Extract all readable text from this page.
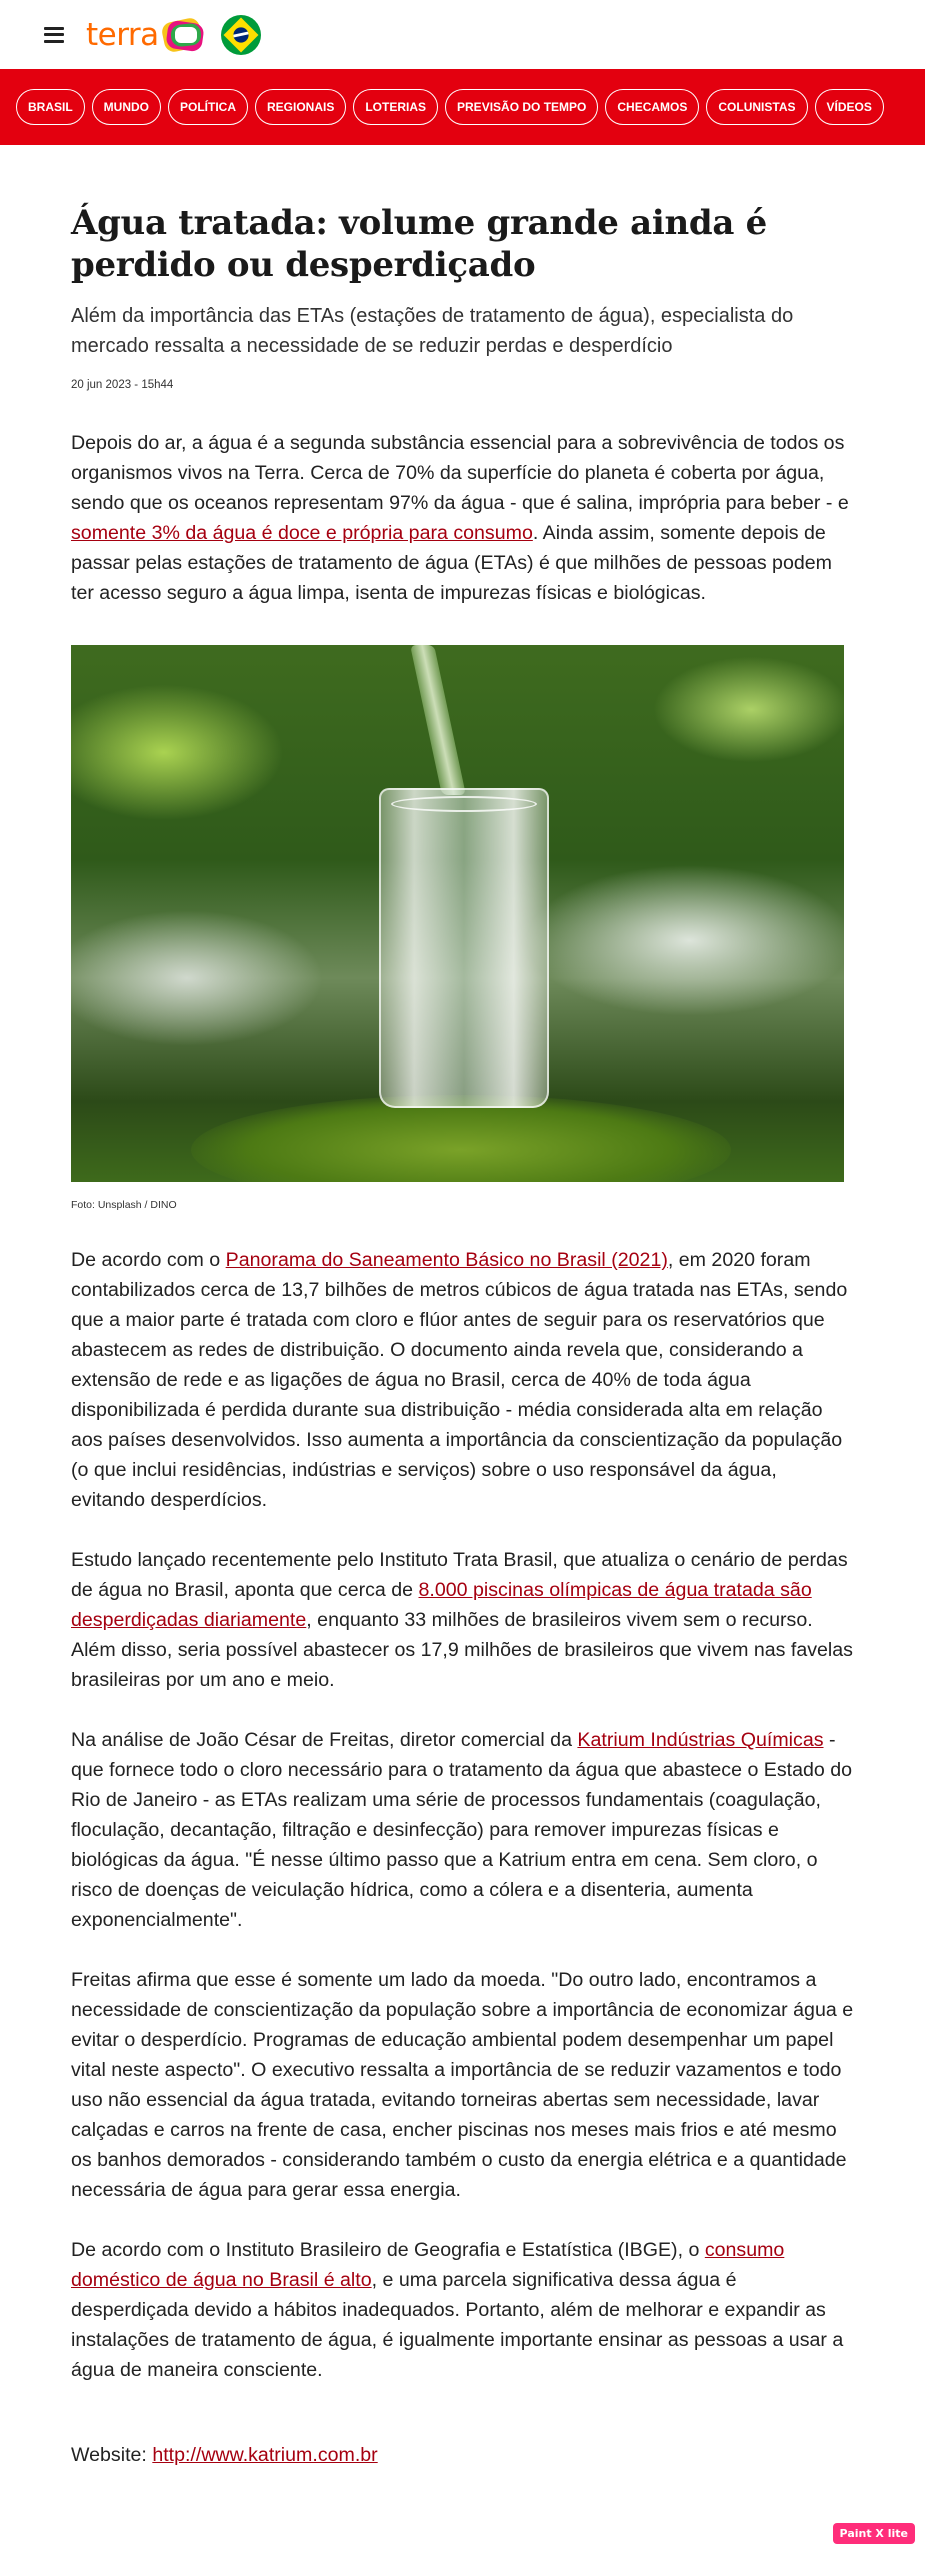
terra
BRASIL	MUNDO	POLÍTICA	REGIONAIS	LOTERIAS	PREVISÃO DO TEMPO	CHECAMOS	COLUNISTAS	VÍDEOS
Água tratada: volume grande ainda é perdido ou desperdiçado

Além da importância das ETAs (estações de tratamento de água), especialista do mercado ressalta a necessidade de se reduzir perdas e desperdício

20 jun 2023 - 15h44

Depois do ar, a água é a segunda substância essencial para a sobrevivência de todos os organismos vivos na Terra. Cerca de 70% da superfície do planeta é coberta por água, sendo que os oceanos representam 97% da água - que é salina, imprópria para beber - e somente 3% da água é doce e própria para consumo. Ainda assim, somente depois de passar pelas estações de tratamento de água (ETAs) é que milhões de pessoas podem ter acesso seguro a água limpa, isenta de impurezas físicas e biológicas.

Foto: Unsplash / DINO

De acordo com o Panorama do Saneamento Básico no Brasil (2021), em 2020 foram contabilizados cerca de 13,7 bilhões de metros cúbicos de água tratada nas ETAs, sendo que a maior parte é tratada com cloro e flúor antes de seguir para os reservatórios que abastecem as redes de distribuição. O documento ainda revela que, considerando a extensão de rede e as ligações de água no Brasil, cerca de 40% de toda água disponibilizada é perdida durante sua distribuição - média considerada alta em relação aos países desenvolvidos. Isso aumenta a importância da conscientização da população (o que inclui residências, indústrias e serviços) sobre o uso responsável da água, evitando desperdícios.

Estudo lançado recentemente pelo Instituto Trata Brasil, que atualiza o cenário de perdas de água no Brasil, aponta que cerca de 8.000 piscinas olímpicas de água tratada são desperdiçadas diariamente, enquanto 33 milhões de brasileiros vivem sem o recurso. Além disso, seria possível abastecer os 17,9 milhões de brasileiros que vivem nas favelas brasileiras por um ano e meio.

Na análise de João César de Freitas, diretor comercial da Katrium Indústrias Químicas - que fornece todo o cloro necessário para o tratamento da água que abastece o Estado do Rio de Janeiro - as ETAs realizam uma série de processos fundamentais (coagulação, floculação, decantação, filtração e desinfecção) para remover impurezas físicas e biológicas da água. "É nesse último passo que a Katrium entra em cena. Sem cloro, o risco de doenças de veiculação hídrica, como a cólera e a disenteria, aumenta exponencialmente".

Freitas afirma que esse é somente um lado da moeda. "Do outro lado, encontramos a necessidade de conscientização da população sobre a importância de economizar água e evitar o desperdício. Programas de educação ambiental podem desempenhar um papel vital neste aspecto". O executivo ressalta a importância de se reduzir vazamentos e todo uso não essencial da água tratada, evitando torneiras abertas sem necessidade, lavar calçadas e carros na frente de casa, encher piscinas nos meses mais frios e até mesmo os banhos demorados - considerando também o custo da energia elétrica e a quantidade necessária de água para gerar essa energia.

De acordo com o Instituto Brasileiro de Geografia e Estatística (IBGE), o consumo doméstico de água no Brasil é alto, e uma parcela significativa dessa água é desperdiçada devido a hábitos inadequados. Portanto, além de melhorar e expandir as instalações de tratamento de água, é igualmente importante ensinar as pessoas a usar a água de maneira consciente.

Website: http://www.katrium.com.br

Paint X lite
